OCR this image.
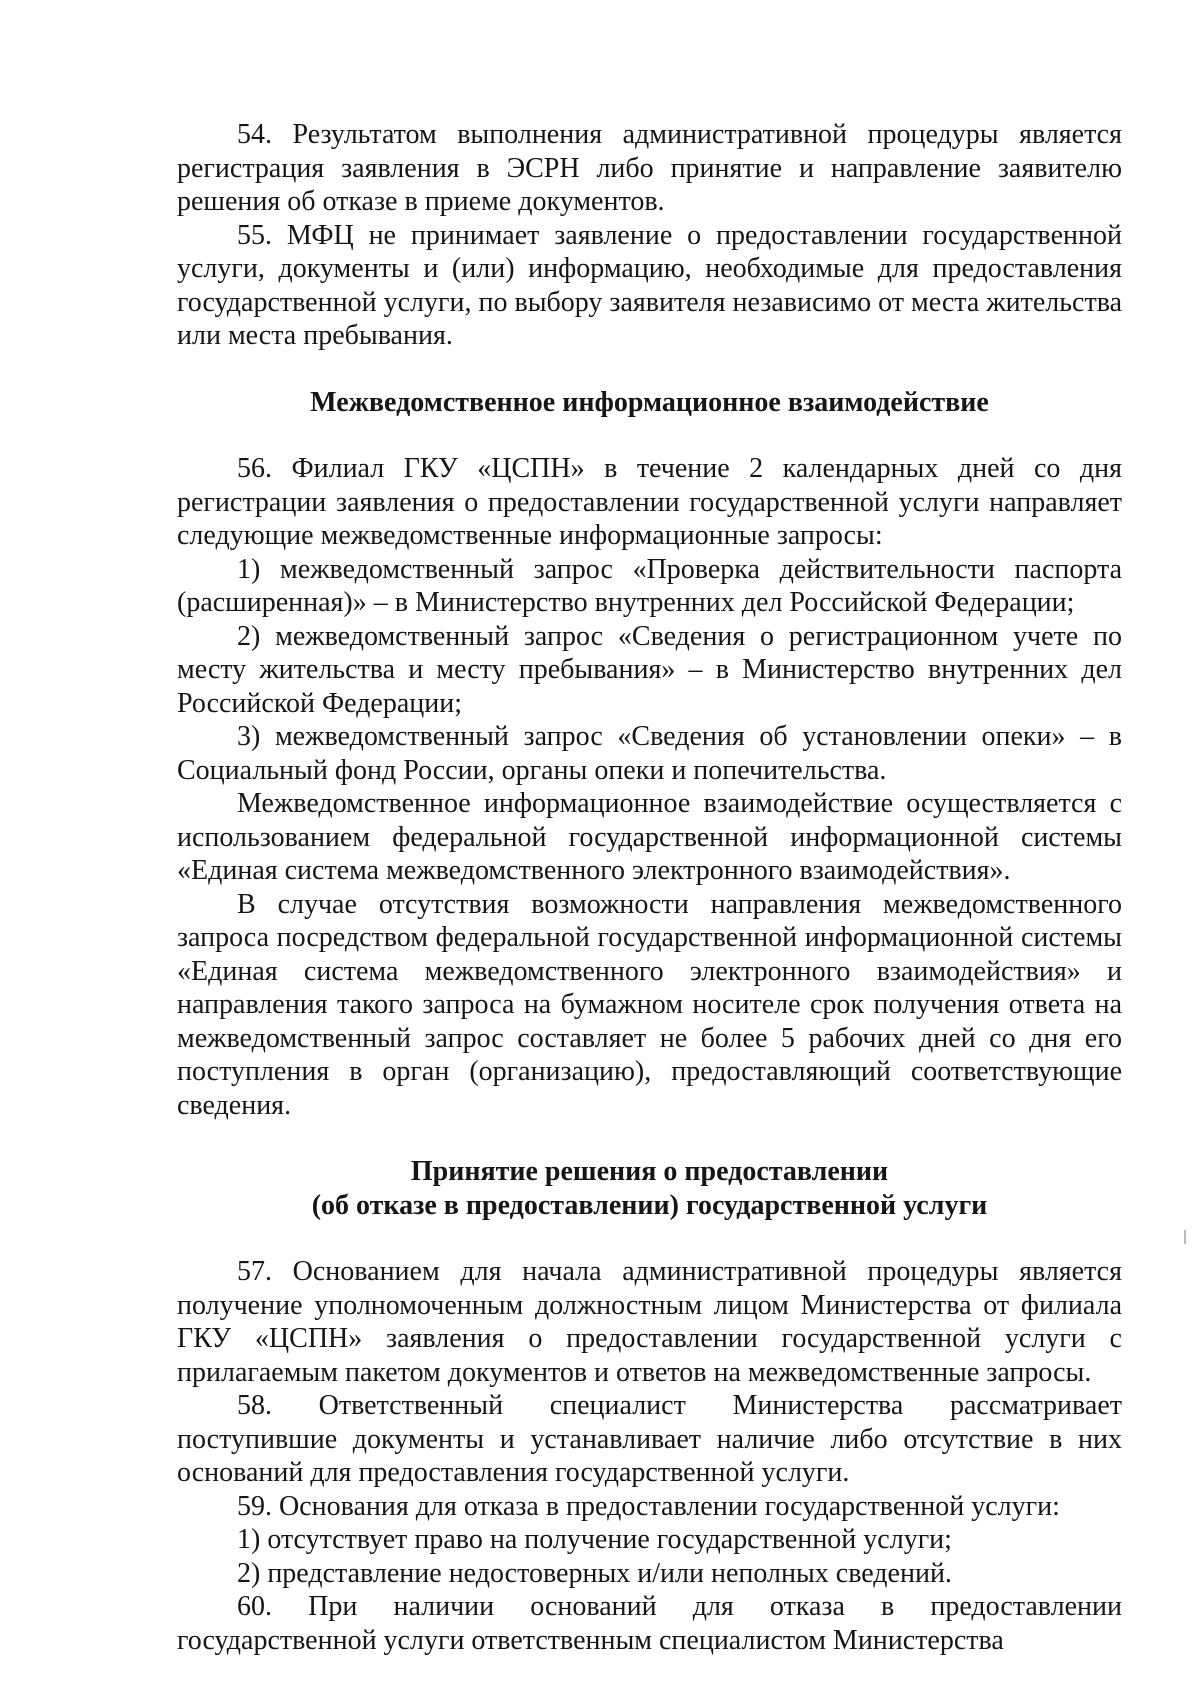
54. Результатом выполнения административной процедуры является регистрация заявления в ЭСРН либо принятие и направление заявителю решения об отказе в приеме документов.

55. МФЦ не принимает заявление о предоставлении государственной услуги, документы и (или) информацию, необходимые для предоставления государственной услуги, по выбору заявителя независимо от места жительства или места пребывания.

Межведомственное информационное взаимодействие

56. Филиал ГКУ «ЦСПН» в течение 2 календарных дней со дня регистрации заявления о предоставлении государственной услуги направляет следующие межведомственные информационные запросы:

1) межведомственный запрос «Проверка действительности паспорта (расширенная)» – в Министерство внутренних дел Российской Федерации;

2) межведомственный запрос «Сведения о регистрационном учете по месту жительства и месту пребывания» – в Министерство внутренних дел Российской Федерации;

3) межведомственный запрос «Сведения об установлении опеки» – в Социальный фонд России, органы опеки и попечительства.

Межведомственное информационное взаимодействие осуществляется с использованием федеральной государственной информационной системы «Единая система межведомственного электронного взаимодействия».

В случае отсутствия возможности направления межведомственного запроса посредством федеральной государственной информационной системы «Единая система межведомственного электронного взаимодействия» и направления такого запроса на бумажном носителе срок получения ответа на межведомственный запрос составляет не более 5 рабочих дней со дня его поступления в орган (организацию), предоставляющий соответствующие сведения.

Принятие решения о предоставлении

(об отказе в предоставлении) государственной услуги

57. Основанием для начала административной процедуры является получение уполномоченным должностным лицом Министерства от филиала ГКУ «ЦСПН» заявления о предоставлении государственной услуги с прилагаемым пакетом документов и ответов на межведомственные запросы.

58. Ответственный специалист Министерства рассматривает поступившие документы и устанавливает наличие либо отсутствие в них оснований для предоставления государственной услуги.

59. Основания для отказа в предоставлении государственной услуги:

1) отсутствует право на получение государственной услуги;

2) представление недостоверных и/или неполных сведений.

60. При наличии оснований для отказа в предоставлении государственной услуги ответственным специалистом Министерства
